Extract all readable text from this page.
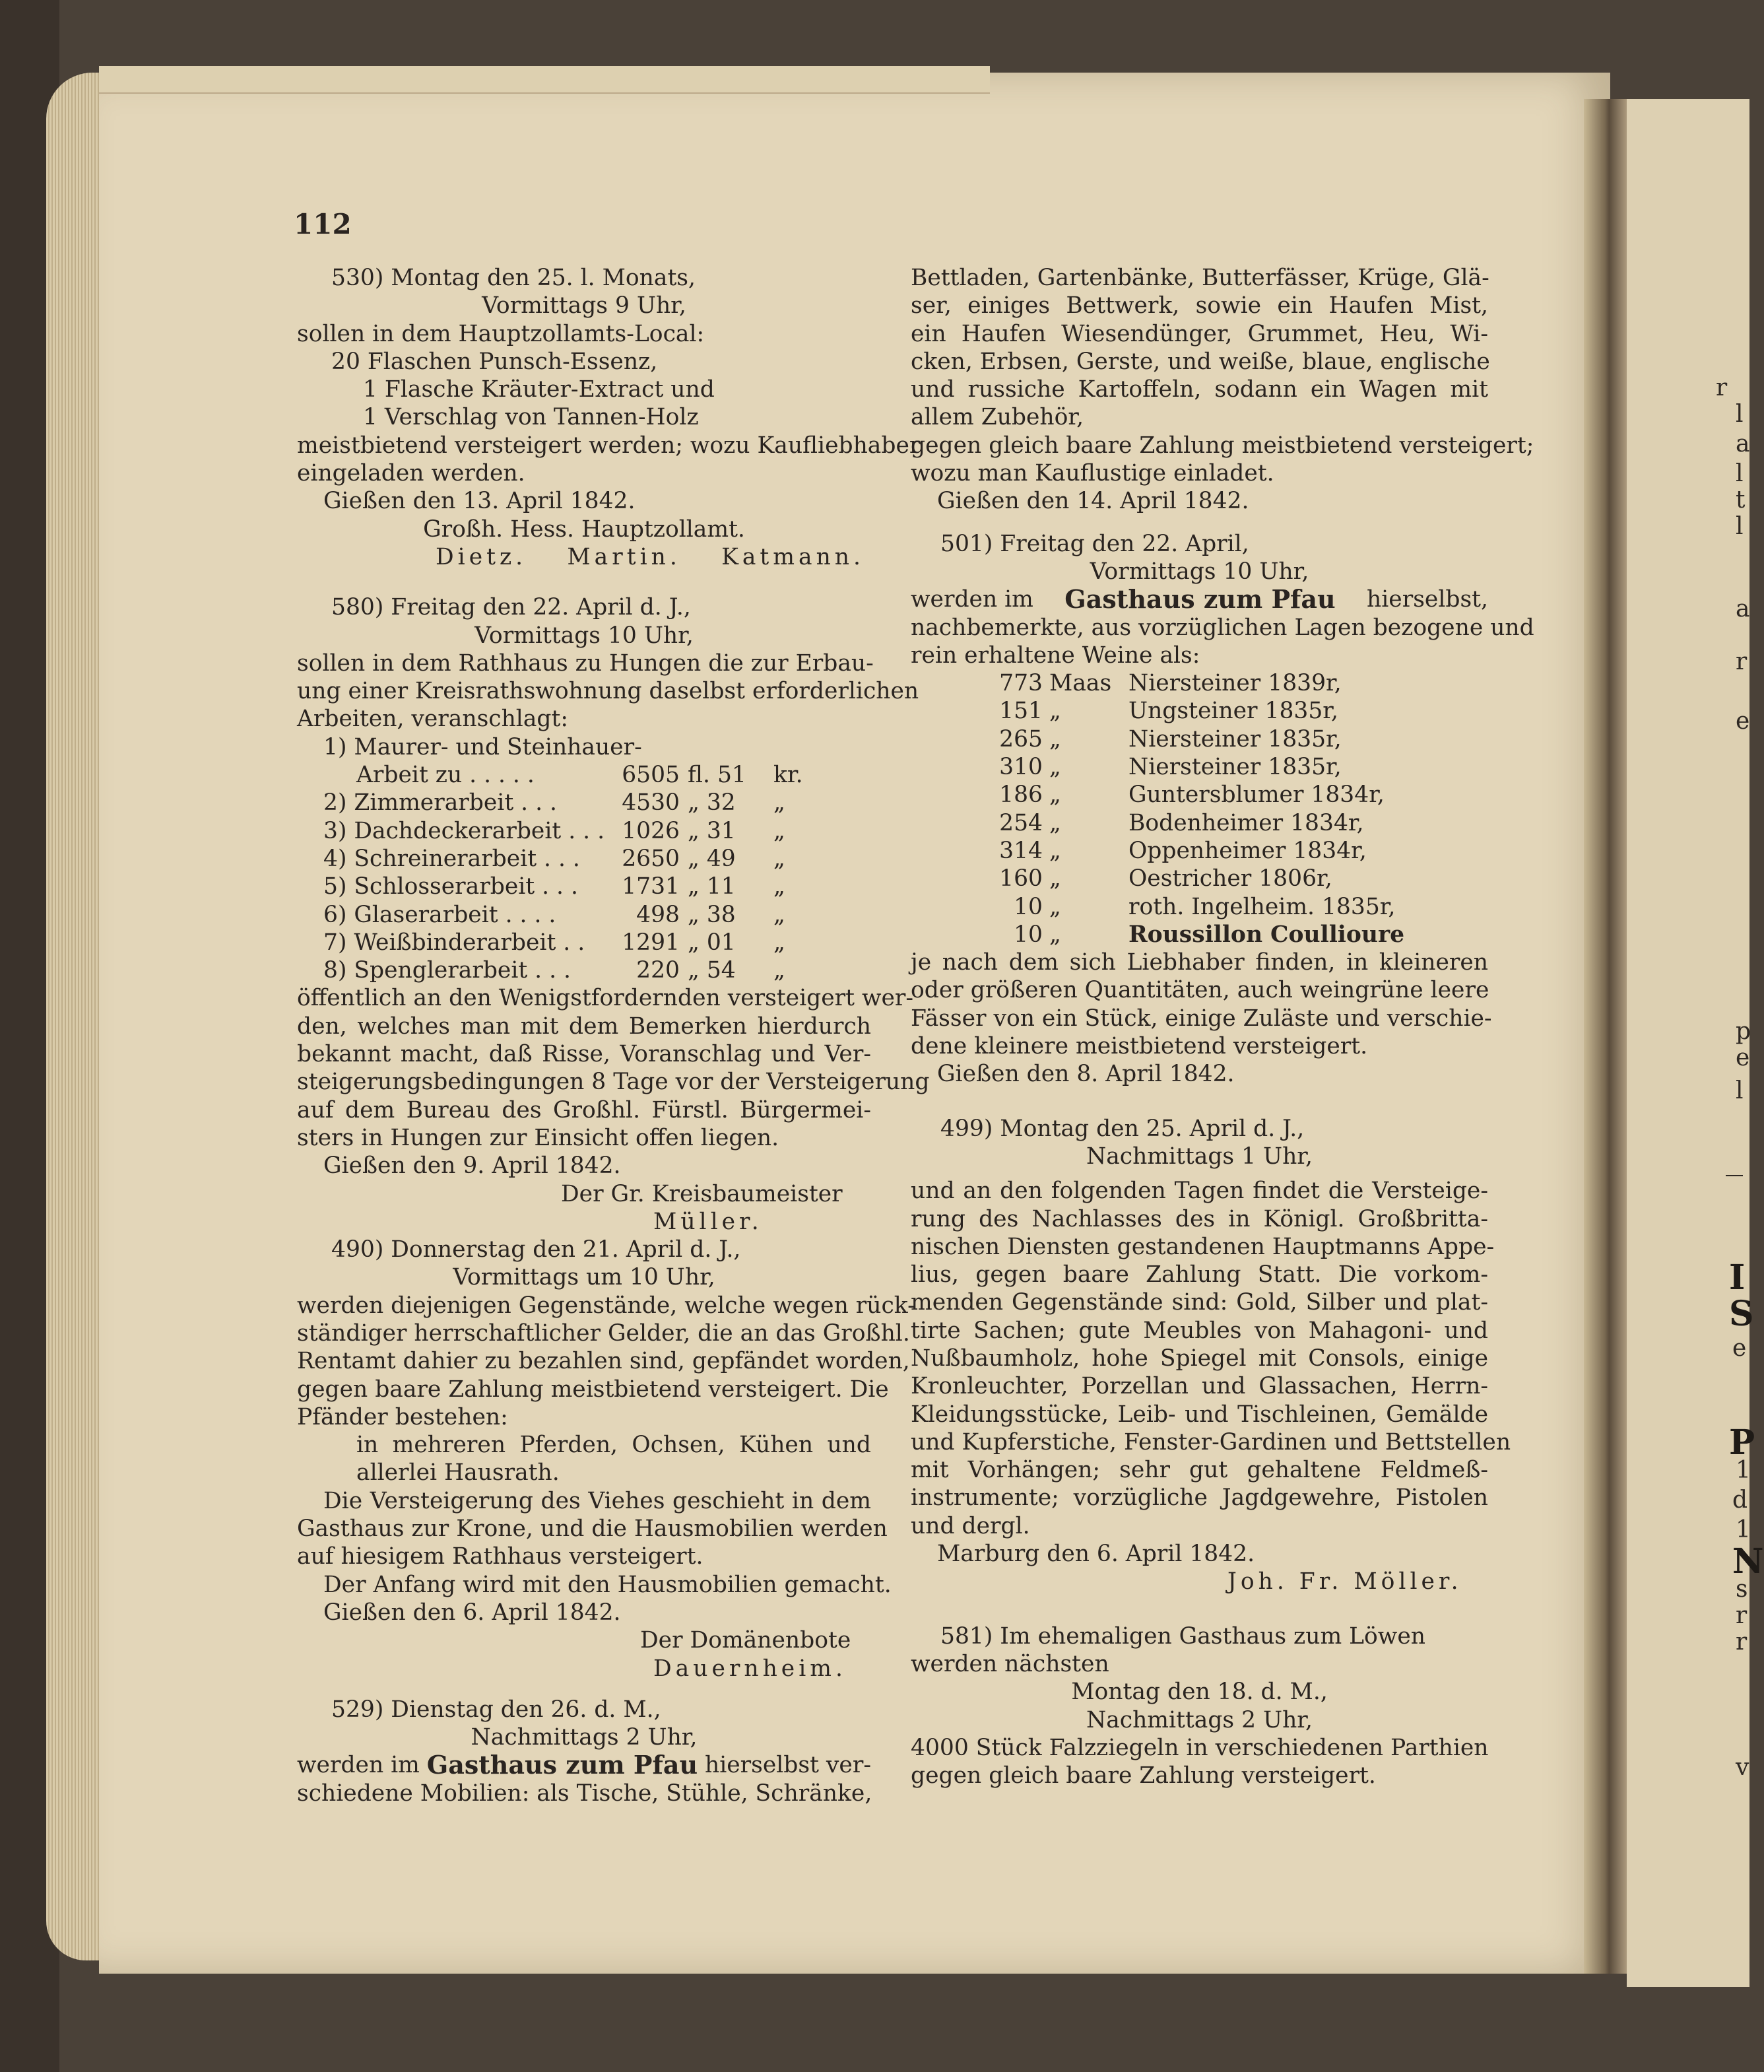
r
l
a
l
t
l
a
r
e
p
e
l
I
S
e
P
1
d
1
N
s
r
r
v
112
530) Montag den 25. l. Monats,
Vormittags 9 Uhr,
sollen in dem Hauptzollamts-Local:
20 Flaschen Punsch-Essenz,
1 Flasche Kräuter-Extract und
1 Verschlag von Tannen-Holz
meistbietend versteigert werden; wozu Kaufliebhaber
eingeladen werden.
Gießen den 13. April 1842.
Großh. Hess. Hauptzollamt.
Dietz. Martin. Katmann.
580) Freitag den 22. April d. J.,
Vormittags 10 Uhr,
sollen in dem Rathhaus zu Hungen die zur Erbau-
ung einer Kreisrathswohnung daselbst erforderlichen
Arbeiten, veranschlagt:
1) Maurer- und Steinhauer-
Arbeit zu . . . . .	6505 fl. 51	kr.
2) Zimmerarbeit . . .	4530 „ 32	„
3) Dachdeckerarbeit . . . 1026 „ 31	„
4) Schreinerarbeit . . .	2650 „ 49	„
5) Schlosserarbeit . . .	1731 „ 11	„
6) Glaserarbeit . . . .	498 „ 38	„
7) Weißbinderarbeit . .	1291 „ 01	„
8) Spenglerarbeit . . .	220 „ 54	„
öffentlich an den Wenigstfordernden versteigert wer-
den, welches man mit dem Bemerken hierdurch
bekannt macht, daß Risse, Voranschlag und Ver-
steigerungsbedingungen 8 Tage vor der Versteigerung
auf dem Bureau des Großhl. Fürstl. Bürgermei-
sters in Hungen zur Einsicht offen liegen.
Gießen den 9. April 1842.
Der Gr. Kreisbaumeister
Müller.
490) Donnerstag den 21. April d. J.,
Vormittags um 10 Uhr,
werden diejenigen Gegenstände, welche wegen rück-
ständiger herrschaftlicher Gelder, die an das Großhl.
Rentamt dahier zu bezahlen sind, gepfändet worden,
gegen baare Zahlung meistbietend versteigert. Die
Pfänder bestehen:
in mehreren Pferden, Ochsen, Kühen und
allerlei Hausrath.
Die Versteigerung des Viehes geschieht in dem
Gasthaus zur Krone, und die Hausmobilien werden
auf hiesigem Rathhaus versteigert.
Der Anfang wird mit den Hausmobilien gemacht.
Gießen den 6. April 1842.
Der Domänenbote
Dauernheim.
529) Dienstag den 26. d. M.,
Nachmittags 2 Uhr,
werden im Gasthaus zum Pfau hierselbst ver-
schiedene Mobilien: als Tische, Stühle, Schränke,
Bettladen, Gartenbänke, Butterfässer, Krüge, Glä-
ser, einiges Bettwerk, sowie ein Haufen Mist,
ein Haufen Wiesendünger, Grummet, Heu, Wi-
cken, Erbsen, Gerste, und weiße, blaue, englische
und russiche Kartoffeln, sodann ein Wagen mit
allem Zubehör,
gegen gleich baare Zahlung meistbietend versteigert;
wozu man Kauflustige einladet.
Gießen den 14. April 1842.
501) Freitag den 22. April,
Vormittags 10 Uhr,
werden im Gasthaus zum Pfau hierselbst,
nachbemerkte, aus vorzüglichen Lagen bezogene und
rein erhaltene Weine als:
773 Maas Niersteiner 1839r,
151 „	Ungsteiner 1835r,
265 „	Niersteiner 1835r,
310 „	Niersteiner 1835r,
186 „	Guntersblumer 1834r,
254 „	Bodenheimer 1834r,
314 „	Oppenheimer 1834r,
160 „	Oestricher 1806r,
10 „	roth. Ingelheim. 1835r,
10 „	Roussillon Coullioure
je nach dem sich Liebhaber finden, in kleineren
oder größeren Quantitäten, auch weingrüne leere
Fässer von ein Stück, einige Zuläste und verschie-
dene kleinere meistbietend versteigert.
Gießen den 8. April 1842.
499) Montag den 25. April d. J.,
Nachmittags 1 Uhr,
und an den folgenden Tagen findet die Versteige-
rung des Nachlasses des in Königl. Großbritta-
nischen Diensten gestandenen Hauptmanns Appe-
lius, gegen baare Zahlung Statt. Die vorkom-
menden Gegenstände sind: Gold, Silber und plat-
tirte Sachen; gute Meubles von Mahagoni- und
Nußbaumholz, hohe Spiegel mit Consols, einige
Kronleuchter, Porzellan und Glassachen, Herrn-
Kleidungsstücke, Leib- und Tischleinen, Gemälde
und Kupferstiche, Fenster-Gardinen und Bettstellen
mit Vorhängen; sehr gut gehaltene Feldmeß-
instrumente; vorzügliche Jagdgewehre, Pistolen
und dergl.
Marburg den 6. April 1842.
Joh. Fr. Möller.
581) Im ehemaligen Gasthaus zum Löwen
werden nächsten
Montag den 18. d. M.,
Nachmittags 2 Uhr,
4000 Stück Falzziegeln in verschiedenen Parthien
gegen gleich baare Zahlung versteigert.
